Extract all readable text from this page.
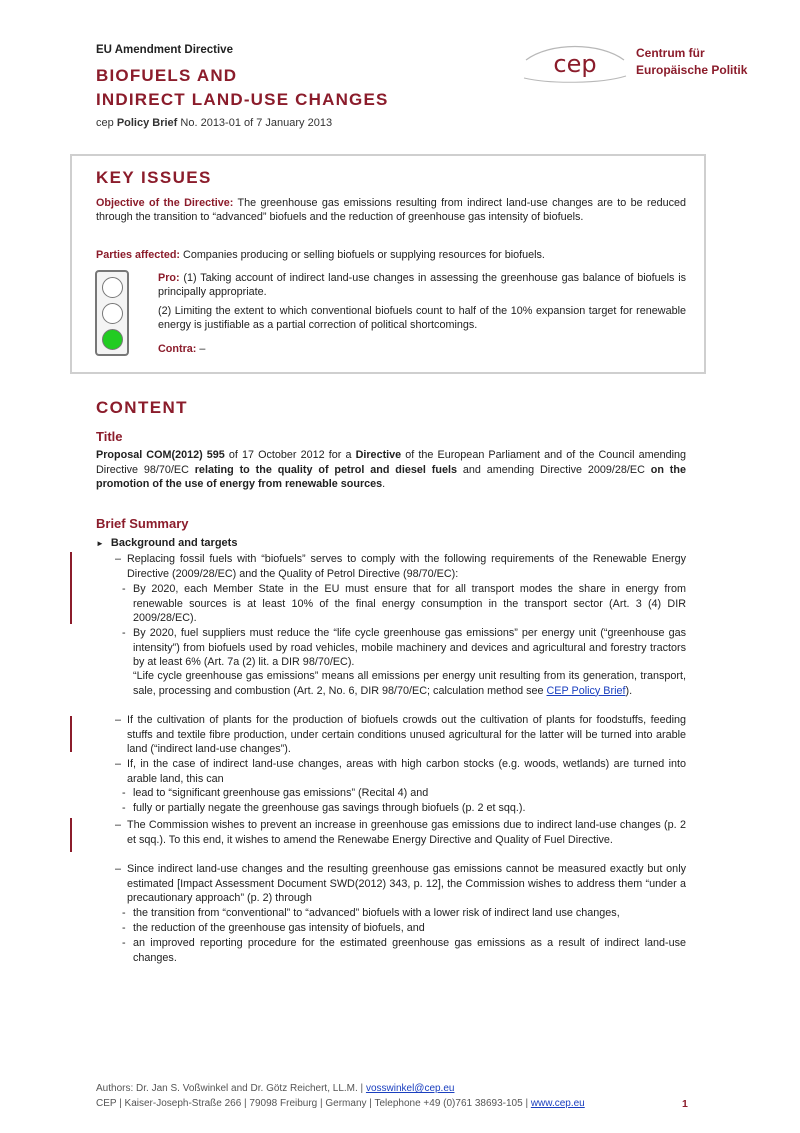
EU Amendment Directive
BIOFUELS AND
INDIRECT LAND-USE CHANGES
cep Policy Brief No. 2013-01 of 7 January 2013
cep	Centrum für
Europäische Politik
KEY ISSUES

Objective of the Directive: The greenhouse gas emissions resulting from indirect land-use changes are to be reduced through the transition to “advanced” biofuels and the reduction of greenhouse gas intensity of biofuels.

Parties affected: Companies producing or selling biofuels or supplying resources for biofuels.

Pro: (1) Taking account of indirect land-use changes in assessing the greenhouse gas balance of biofuels is principally appropriate.

(2) Limiting the extent to which conventional biofuels count to half of the 10% expansion target for renewable energy is justifiable as a partial correction of political shortcomings.

Contra: –

CONTENT
Title

Proposal COM(2012) 595 of 17 October 2012 for a Directive of the European Parliament and of the Council amending Directive 98/70/EC relating to the quality of petrol and diesel fuels and amending Directive 2009/28/EC on the promotion of the use of energy from renewable sources.

Brief Summary
► Background and targets
– Replacing fossil fuels with “biofuels” serves to comply with the following requirements of the Renewable Energy Directive (2009/28/EC) and the Quality of Petrol Directive (98/70/EC):

- By 2020, each Member State in the EU must ensure that for all transport modes the share in energy from renewable sources is at least 10% of the final energy consumption in the transport sector (Art. 3 (4) DIR 2009/28/EC).

- By 2020, fuel suppliers must reduce the “life cycle greenhouse gas emissions” per energy unit (“greenhouse gas intensity”) from biofuels used by road vehicles, mobile machinery and devices and agricultural and forestry tractors by at least 6% (Art. 7a (2) lit. a DIR 98/70/EC).

“Life cycle greenhouse gas emissions” means all emissions per energy unit resulting from its generation, transport, sale, processing and combustion (Art. 2, No. 6, DIR 98/70/EC; calculation method see CEP Policy Brief).

– If the cultivation of plants for the production of biofuels crowds out the cultivation of plants for foodstuffs, feeding stuffs and textile fibre production, under certain conditions unused agricultural for the latter will be turned into arable land (“indirect land-use changes”).

– If, in the case of indirect land-use changes, areas with high carbon stocks (e.g. woods, wetlands) are turned into arable land, this can

- lead to “significant greenhouse gas emissions” (Recital 4) and

- fully or partially negate the greenhouse gas savings through biofuels (p. 2 et sqq.).

– The Commission wishes to prevent an increase in greenhouse gas emissions due to indirect land-use changes (p. 2 et sqq.). To this end, it wishes to amend the Renewabe Energy Directive and Quality of Fuel Directive.

– Since indirect land-use changes and the resulting greenhouse gas emissions cannot be measured exactly but only estimated [Impact Assessment Document SWD(2012) 343, p. 12], the Commission wishes to address them “under a precautionary approach” (p. 2) through

- the transition from “conventional” to “advanced” biofuels with a lower risk of indirect land use changes,

- the reduction of the greenhouse gas intensity of biofuels, and

- an improved reporting procedure for the estimated greenhouse gas emissions as a result of indirect land-use changes.

Authors: Dr. Jan S. Voßwinkel and Dr. Götz Reichert, LL.M. | vosswinkel@cep.eu
CEP | Kaiser-Joseph-Straße 266 | 79098 Freiburg | Germany | Telephone +49 (0)761 38693-105 | www.cep.eu	1
